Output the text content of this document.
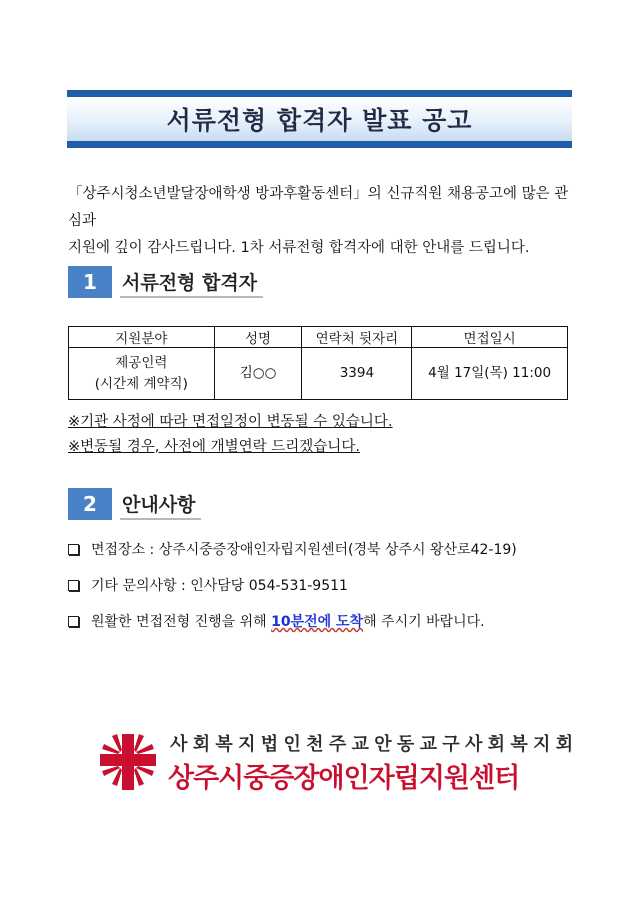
서류전형 합격자 발표 공고

「상주시청소년발달장애학생 방과후활동센터」의 신규직원 채용공고에 많은 관심과

지원에 깊이 감사드립니다. 1차 서류전형 합격자에 대한 안내를 드립니다.

1	서류전형 합격자
지원분야	성명	연락처 뒷자리	면접일시

제공인력
(시간제 계약직)	김○○	3394	4월 17일(목) 11:00
※기관 사정에 따라 면접일정이 변동될 수 있습니다.
※변동될 경우, 사전에 개별연락 드리겠습니다.
2	안내사항
면접장소 : 상주시중증장애인자립지원센터(경북 상주시 왕산로42-19)
기타 문의사항 : 인사담당 054-531-9511
원활한 면접전형 진행을 위해 10분전에 도착 해 주시기 바랍니다.
사회복지법인천주교안동교구사회복지회
상주시중증장애인자립지원센터
